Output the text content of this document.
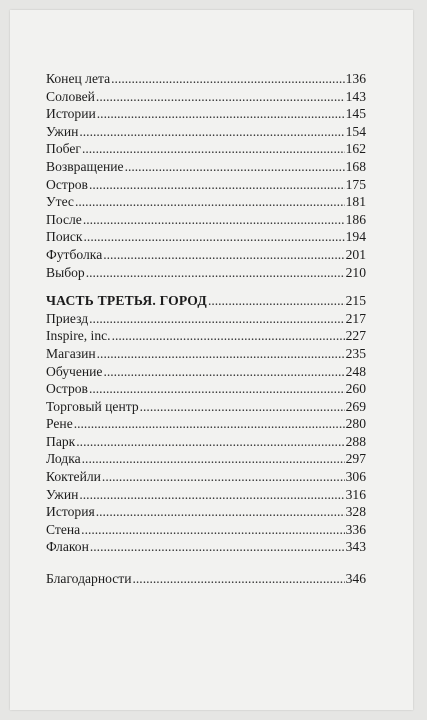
Конец лета .....	136
Соловей .....	143
Истории .....	145
Ужин .....	154
Побег .....	162
Возвращение .....	168
Остров .....	175
Утес .....	181
После .....	186
Поиск .....	194
Футболка .....	201
Выбор .....	210
ЧАСТЬ ТРЕТЬЯ. ГОРОД .....	215
Приезд .....	217
Inspire, inc. .....	227
Магазин .....	235
Обучение .....	248
Остров .....	260
Торговый центр .....	269
Рене .....	280
Парк .....	288
Лодка .....	297
Коктейли .....	306
Ужин .....	316
История .....	328
Стена .....	336
Флакон .....	343
Благодарности .....	346
